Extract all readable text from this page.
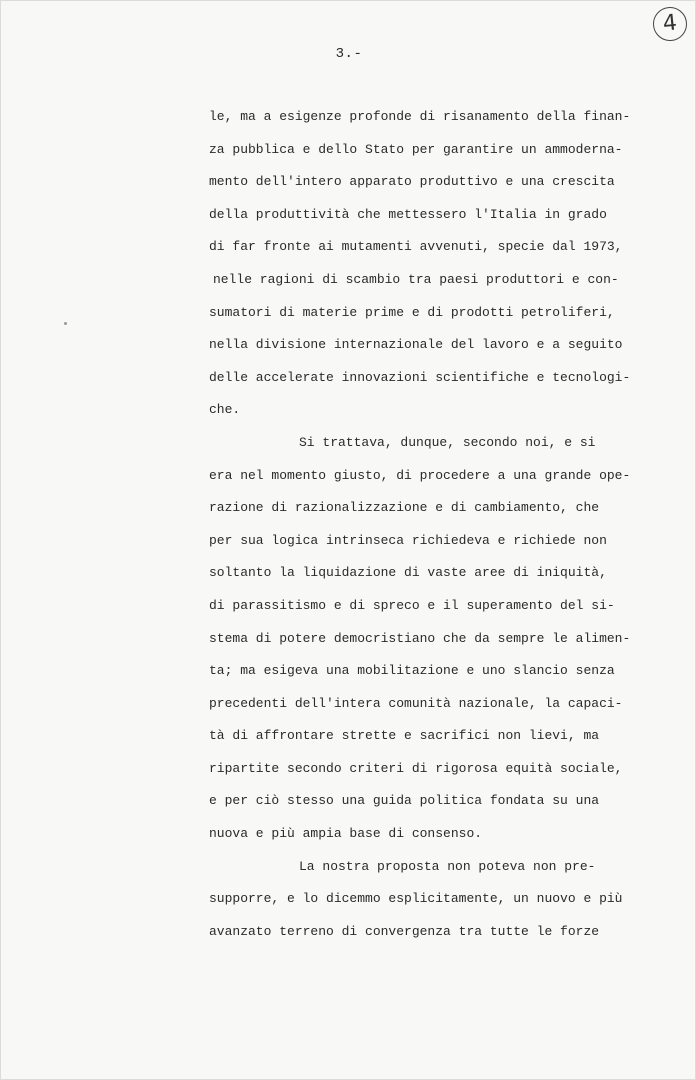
4
3.-
le, ma a esigenze profonde di risanamento della finan-
za pubblica e dello Stato per garantire un ammoderna-
mento dell'intero apparato produttivo e una crescita
della produttività che mettessero l'Italia in grado
di far fronte ai mutamenti avvenuti, specie dal 1973,
nelle ragioni di scambio tra paesi produttori e con-
sumatori di materie prime e di prodotti petroliferi,
nella divisione internazionale del lavoro e a seguito
delle accelerate innovazioni scientifiche e tecnologi-
che.
Si trattava, dunque, secondo noi, e si
era nel momento giusto, di procedere a una grande ope-
razione di razionalizzazione e di cambiamento, che
per sua logica intrinseca richiedeva e richiede non
soltanto la liquidazione di vaste aree di iniquità,
di parassitismo e di spreco e il superamento del si-
stema di potere democristiano che da sempre le alimen-
ta; ma esigeva una mobilitazione e uno slancio senza
precedenti dell'intera comunità nazionale, la capaci-
tà di affrontare strette e sacrifici non lievi, ma
ripartite secondo criteri di rigorosa equità sociale,
e per ciò stesso una guida politica fondata su una
nuova e più ampia base di consenso.
La nostra proposta non poteva non pre-
supporre, e lo dicemmo esplicitamente, un nuovo e più
avanzato terreno di convergenza tra tutte le forze
